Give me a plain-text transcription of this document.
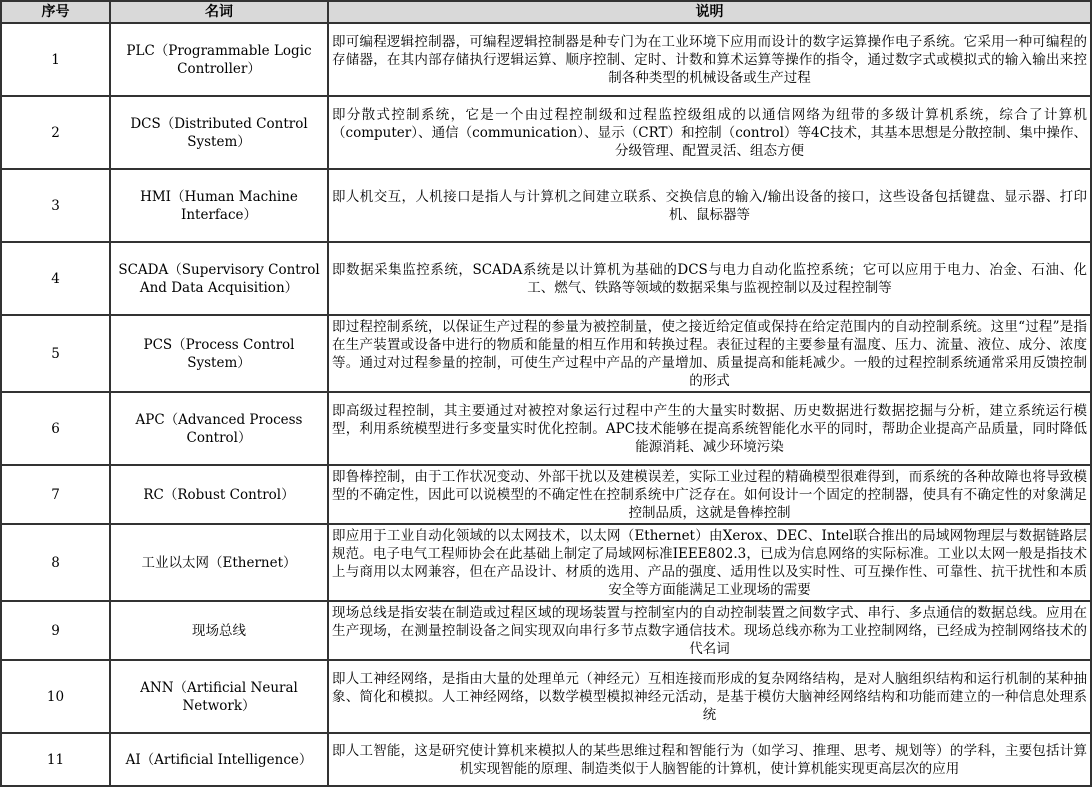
序号	名词	说明
1	PLC（Programmable Logic Controller）	即可编程逻辑控制器，可编程逻辑控制器是种专门为在工业环境下应用而设计的数字运算操作电子系统。它采用一种可编程的存储器，在其内部存储执行逻辑运算、顺序控制、定时、计数和算术运算等操作的指令，通过数字式或模拟式的输入输出来控制各种类型的机械设备或生产过程
2	DCS（Distributed Control System）	即分散式控制系统，它是一个由过程控制级和过程监控级组成的以通信网络为纽带的多级计算机系统，综合了计算机（computer）、通信（communication）、显示（CRT）和控制（control）等4C技术，其基本思想是分散控制、集中操作、分级管理、配置灵活、组态方便
3	HMI（Human Machine Interface）	即人机交互，人机接口是指人与计算机之间建立联系、交换信息的输入/输出设备的接口，这些设备包括键盘、显示器、打印机、鼠标器等
4	SCADA（Supervisory Control And Data Acquisition）	即数据采集监控系统，SCADA系统是以计算机为基础的DCS与电力自动化监控系统；它可以应用于电力、冶金、石油、化工、燃气、铁路等领域的数据采集与监视控制以及过程控制等
5	PCS（Process Control System）	即过程控制系统，以保证生产过程的参量为被控制量，使之接近给定值或保持在给定范围内的自动控制系统。这里“过程”是指在生产装置或设备中进行的物质和能量的相互作用和转换过程。表征过程的主要参量有温度、压力、流量、液位、成分、浓度等。通过对过程参量的控制，可使生产过程中产品的产量增加、质量提高和能耗减少。一般的过程控制系统通常采用反馈控制的形式
6	APC（Advanced Process Control）	即高级过程控制，其主要通过对被控对象运行过程中产生的大量实时数据、历史数据进行数据挖掘与分析，建立系统运行模型，利用系统模型进行多变量实时优化控制。APC技术能够在提高系统智能化水平的同时，帮助企业提高产品质量，同时降低能源消耗、减少环境污染
7	RC（Robust Control）	即鲁棒控制，由于工作状况变动、外部干扰以及建模误差，实际工业过程的精确模型很难得到，而系统的各种故障也将导致模型的不确定性，因此可以说模型的不确定性在控制系统中广泛存在。如何设计一个固定的控制器，使具有不确定性的对象满足控制品质，这就是鲁棒控制
8	工业以太网（Ethernet）	即应用于工业自动化领域的以太网技术，以太网（Ethernet）由Xerox、DEC、Intel联合推出的局域网物理层与数据链路层规范。电子电气工程师协会在此基础上制定了局域网标准IEEE802.3，已成为信息网络的实际标准。工业以太网一般是指技术上与商用以太网兼容，但在产品设计、材质的选用、产品的强度、适用性以及实时性、可互操作性、可靠性、抗干扰性和本质安全等方面能满足工业现场的需要
9	现场总线	现场总线是指安装在制造或过程区域的现场装置与控制室内的自动控制装置之间数字式、串行、多点通信的数据总线。应用在生产现场，在测量控制设备之间实现双向串行多节点数字通信技术。现场总线亦称为工业控制网络，已经成为控制网络技术的代名词
10	ANN（Artificial Neural Network）	即人工神经网络，是指由大量的处理单元（神经元）互相连接而形成的复杂网络结构，是对人脑组织结构和运行机制的某种抽象、简化和模拟。人工神经网络，以数学模型模拟神经元活动，是基于模仿大脑神经网络结构和功能而建立的一种信息处理系统
11	AI（Artificial Intelligence）	即人工智能，这是研究使计算机来模拟人的某些思维过程和智能行为（如学习、推理、思考、规划等）的学科，主要包括计算机实现智能的原理、制造类似于人脑智能的计算机，使计算机能实现更高层次的应用
